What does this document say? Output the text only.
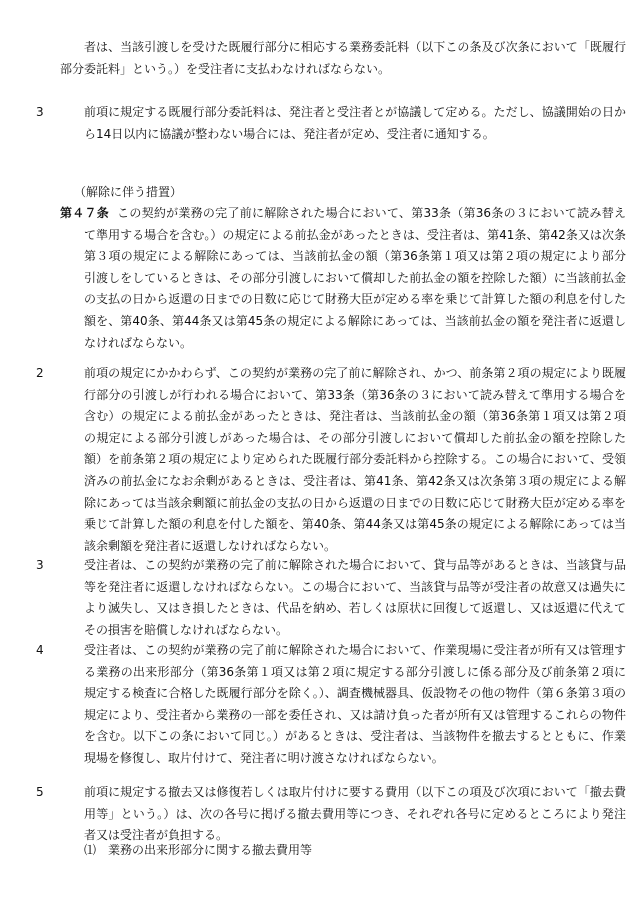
者は、当該引渡しを受けた既履行部分に相応する業務委託料（以下この条及び次条において「既履行部分委託料」という。）を受注者に支払わなければならない。
3	前項に規定する既履行部分委託料は、発注者と受注者とが協議して定める。ただし、協議開始の日から14日以内に協議が整わない場合には、発注者が定め、受注者に通知する。
（解除に伴う措置）
第４７条 この契約が業務の完了前に解除された場合において、第33条（第36条の３において読み替えて準用する場合を含む。）の規定による前払金があったときは、受注者は、第41条、第42条又は次条第３項の規定による解除にあっては、当該前払金の額（第36条第１項又は第２項の規定により部分引渡しをしているときは、その部分引渡しにおいて償却した前払金の額を控除した額）に当該前払金の支払の日から返還の日までの日数に応じて財務大臣が定める率を乗じて計算した額の利息を付した額を、第40条、第44条又は第45条の規定による解除にあっては、当該前払金の額を発注者に返還しなければならない。
2	前項の規定にかかわらず、この契約が業務の完了前に解除され、かつ、前条第２項の規定により既履行部分の引渡しが行われる場合において、第33条（第36条の３において読み替えて準用する場合を含む）の規定による前払金があったときは、発注者は、当該前払金の額（第36条第１項又は第２項の規定による部分引渡しがあった場合は、その部分引渡しにおいて償却した前払金の額を控除した額）を前条第２項の規定により定められた既履行部分委託料から控除する。この場合において、受領済みの前払金になお余剰があるときは、受注者は、第41条、第42条又は次条第３項の規定による解除にあっては当該余剰額に前払金の支払の日から返還の日までの日数に応じて財務大臣が定める率を乗じて計算した額の利息を付した額を、第40条、第44条又は第45条の規定による解除にあっては当該余剰額を発注者に返還しなければならない。
3	受注者は、この契約が業務の完了前に解除された場合において、貸与品等があるときは、当該貸与品等を発注者に返還しなければならない。この場合において、当該貸与品等が受注者の故意又は過失により滅失し、又はき損したときは、代品を納め、若しくは原状に回復して返還し、又は返還に代えてその損害を賠償しなければならない。
4	受注者は、この契約が業務の完了前に解除された場合において、作業現場に受注者が所有又は管理する業務の出来形部分（第36条第１項又は第２項に規定する部分引渡しに係る部分及び前条第２項に規定する検査に合格した既履行部分を除く。）、調査機械器具、仮設物その他の物件（第６条第３項の規定により、受注者から業務の一部を委任され、又は請け負った者が所有又は管理するこれらの物件を含む。以下この条において同じ。）があるときは、受注者は、当該物件を撤去するとともに、作業現場を修復し、取片付けて、発注者に明け渡さなければならない。
5	前項に規定する撤去又は修復若しくは取片付けに要する費用（以下この項及び次項において「撤去費用等」という。）は、次の各号に掲げる撤去費用等につき、それぞれ各号に定めるところにより発注者又は受注者が負担する。
⑴ 業務の出来形部分に関する撤去費用等
